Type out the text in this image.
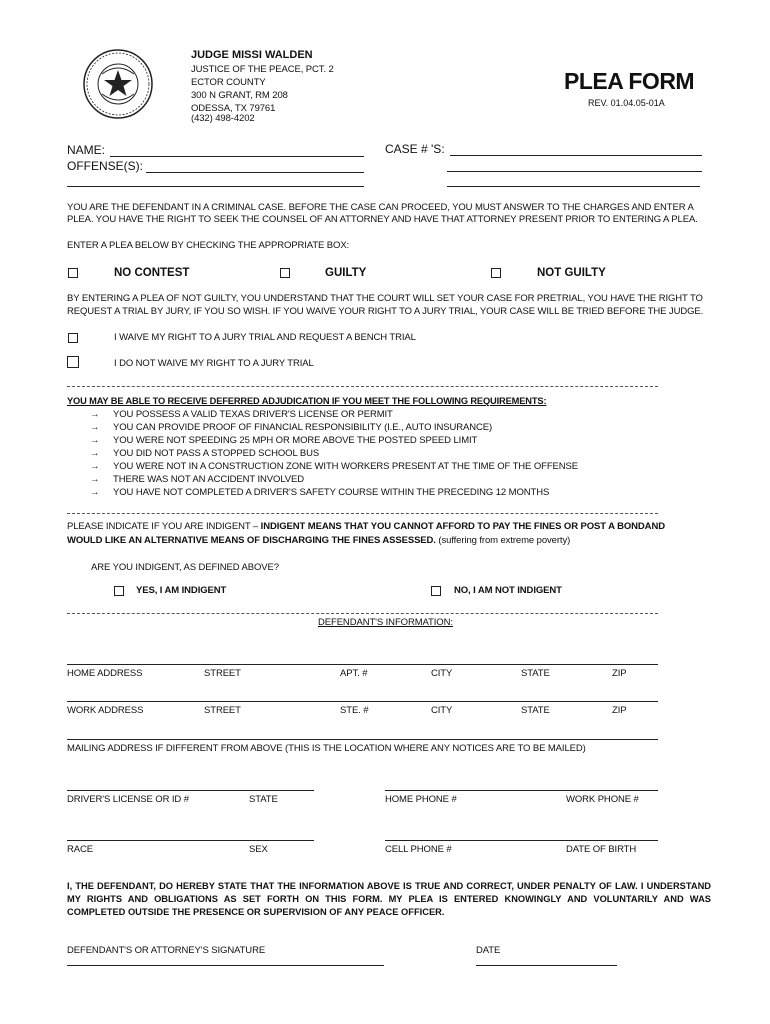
JUDGE MISSI WALDEN
JUSTICE OF THE PEACE, PCT. 2
ECTOR COUNTY
300 N GRANT, RM 208
ODESSA, TX 79761
(432) 498-4202
PLEA FORM
REV. 01.04.05-01A
NAME:	CASE # 'S:
OFFENSE(S):
YOU ARE THE DEFENDANT IN A CRIMINAL CASE. BEFORE THE CASE CAN PROCEED, YOU MUST ANSWER TO THE CHARGES AND ENTER A
PLEA. YOU HAVE THE RIGHT TO SEEK THE COUNSEL OF AN ATTORNEY AND HAVE THAT ATTORNEY PRESENT PRIOR TO ENTERING A PLEA.
ENTER A PLEA BELOW BY CHECKING THE APPROPRIATE BOX:
NO CONTEST	GUILTY	NOT GUILTY
BY ENTERING A PLEA OF NOT GUILTY, YOU UNDERSTAND THAT THE COURT WILL SET YOUR CASE FOR PRETRIAL, YOU HAVE THE RIGHT TO
REQUEST A TRIAL BY JURY, IF YOU SO WISH. IF YOU WAIVE YOUR RIGHT TO A JURY TRIAL, YOUR CASE WILL BE TRIED BEFORE THE JUDGE.
I WAIVE MY RIGHT TO A JURY TRIAL AND REQUEST A BENCH TRIAL
I DO NOT WAIVE MY RIGHT TO A JURY TRIAL
YOU MAY BE ABLE TO RECEIVE DEFERRED ADJUDICATION IF YOU MEET THE FOLLOWING REQUIREMENTS:
→ YOU POSSESS A VALID TEXAS DRIVER'S LICENSE OR PERMIT
→ YOU CAN PROVIDE PROOF OF FINANCIAL RESPONSIBILITY (I.E., AUTO INSURANCE)
→ YOU WERE NOT SPEEDING 25 MPH OR MORE ABOVE THE POSTED SPEED LIMIT
→ YOU DID NOT PASS A STOPPED SCHOOL BUS
→ YOU WERE NOT IN A CONSTRUCTION ZONE WITH WORKERS PRESENT AT THE TIME OF THE OFFENSE
→ THERE WAS NOT AN ACCIDENT INVOLVED
→ YOU HAVE NOT COMPLETED A DRIVER'S SAFETY COURSE WITHIN THE PRECEDING 12 MONTHS
PLEASE INDICATE IF YOU ARE INDIGENT – INDIGENT MEANS THAT YOU CANNOT AFFORD TO PAY THE FINES OR POST A BONDAND
WOULD LIKE AN ALTERNATIVE MEANS OF DISCHARGING THE FINES ASSESSED. (suffering from extreme poverty)
ARE YOU INDIGENT, AS DEFINED ABOVE?
YES, I AM INDIGENT	NO, I AM NOT INDIGENT
DEFENDANT'S INFORMATION:
HOME ADDRESS	STREET	APT. #	CITY	STATE	ZIP
WORK ADDRESS	STREET	STE. #	CITY	STATE	ZIP
MAILING ADDRESS IF DIFFERENT FROM ABOVE (THIS IS THE LOCATION WHERE ANY NOTICES ARE TO BE MAILED)
DRIVER'S LICENSE OR ID #	STATE	HOME PHONE #	WORK PHONE #
RACE	SEX	CELL PHONE #	DATE OF BIRTH
I, THE DEFENDANT, DO HEREBY STATE THAT THE INFORMATION ABOVE IS TRUE AND CORRECT, UNDER PENALTY OF LAW. I UNDERSTAND
MY RIGHTS AND OBLIGATIONS AS SET FORTH ON THIS FORM. MY PLEA IS ENTERED KNOWINGLY AND VOLUNTARILY AND WAS
COMPLETED OUTSIDE THE PRESENCE OR SUPERVISION OF ANY PEACE OFFICER.
DEFENDANT'S OR ATTORNEY'S SIGNATURE	DATE
